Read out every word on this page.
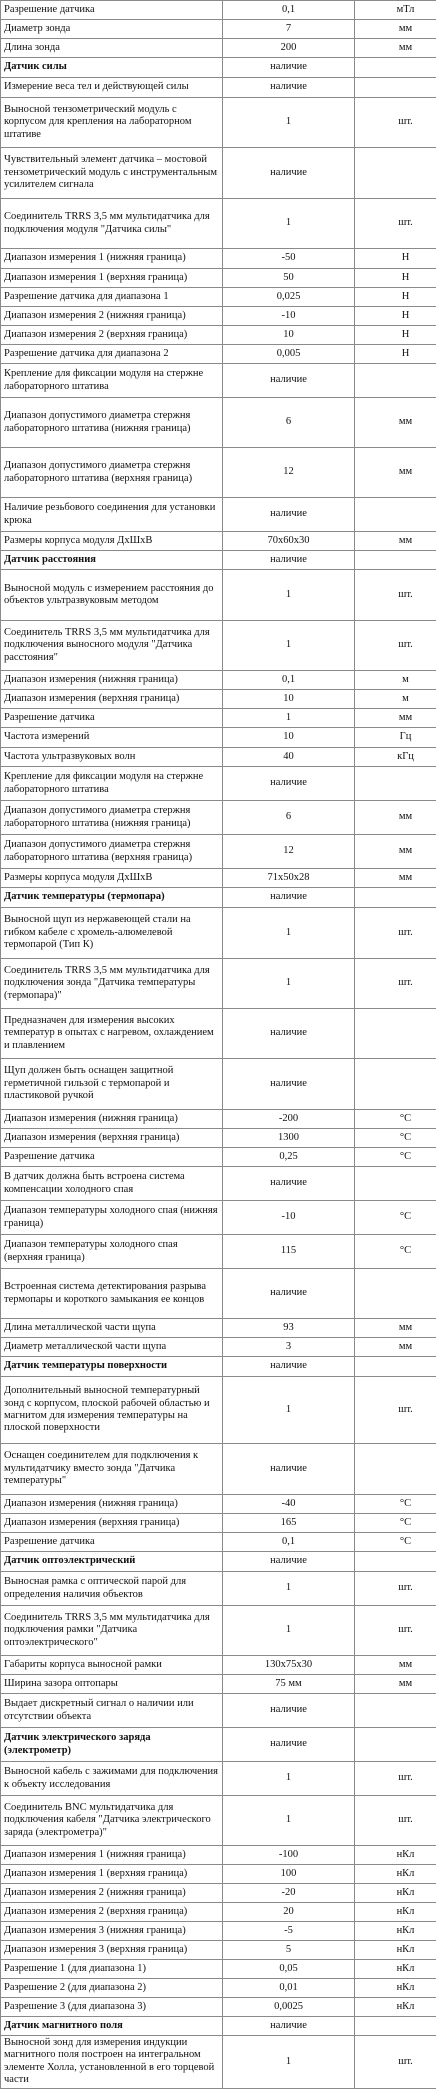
Разрешение датчика	0,1	мТл
Диаметр зонда	7	мм
Длина зонда	200	мм
Датчик силы	наличие	
Измерение веса тел и действующей силы	наличие	
Выносной тензометрический модуль с корпусом для крепления на лабораторном штативе	1	шт.
Чувствительный элемент датчика – мостовой тензометрический модуль с инструментальным усилителем сигнала	наличие	
Соединитель TRRS 3,5 мм мультидатчика для подключения модуля "Датчика силы"	1	шт.
Диапазон измерения 1 (нижняя граница)	-50	Н
Диапазон измерения 1 (верхняя граница)	50	Н
Разрешение датчика для диапазона 1	0,025	Н
Диапазон измерения 2 (нижняя граница)	-10	Н
Диапазон измерения 2 (верхняя граница)	10	Н
Разрешение датчика для диапазона 2	0,005	Н
Крепление для фиксации модуля на стержне лабораторного штатива	наличие	
Диапазон допустимого диаметра стержня лабораторного штатива (нижняя граница)	6	мм
Диапазон допустимого диаметра стержня лабораторного штатива (верхняя граница)	12	мм
Наличие резьбового соединения для установки крюка	наличие	
Размеры корпуса модуля ДхШхВ	70x60x30	мм
Датчик расстояния	наличие	
Выносной модуль с измерением расстояния до объектов ультразвуковым методом	1	шт.
Соединитель TRRS 3,5 мм мультидатчика для подключения выносного модуля "Датчика расстояния"	1	шт.
Диапазон измерения (нижняя граница)	0,1	м
Диапазон измерения (верхняя граница)	10	м
Разрешение датчика	1	мм
Частота измерений	10	Гц
Частота ультразвуковых волн	40	кГц
Крепление для фиксации модуля на стержне лабораторного штатива	наличие	
Диапазон допустимого диаметра стержня лабораторного штатива (нижняя граница)	6	мм
Диапазон допустимого диаметра стержня лабораторного штатива (верхняя граница)	12	мм
Размеры корпуса модуля ДхШхВ	71x50x28	мм
Датчик температуры (термопара)	наличие	
Выносной щуп из нержавеющей стали на гибком кабеле с хромель-алюмелевой термопарой (Тип К)	1	шт.
Соединитель TRRS 3,5 мм мультидатчика для подключения зонда "Датчика температуры (термопара)"	1	шт.
Предназначен для измерения высоких температур в опытах с нагревом, охлаждением и плавлением	наличие	
Щуп должен быть оснащен защитной герметичной гильзой с термопарой и пластиковой ручкой	наличие	
Диапазон измерения (нижняя граница)	-200	°С
Диапазон измерения (верхняя граница)	1300	°С
Разрешение датчика	0,25	°С
В датчик должна быть встроена система компенсации холодного спая	наличие	
Диапазон температуры холодного спая (нижняя граница)	-10	°С
Диапазон температуры холодного спая (верхняя граница)	115	°С
Встроенная система детектирования разрыва термопары и короткого замыкания ее концов	наличие	
Длина металлической части щупа	93	мм
Диаметр металлической части щупа	3	мм
Датчик температуры поверхности	наличие	
Дополнительный выносной температурный зонд с корпусом, плоской рабочей областью и магнитом для измерения температуры на плоской поверхности	1	шт.
Оснащен соединителем для подключения к мультидатчику вместо зонда "Датчика температуры"	наличие	
Диапазон измерения (нижняя граница)	-40	°С
Диапазон измерения (верхняя граница)	165	°С
Разрешение датчика	0,1	°С
Датчик оптоэлектрический	наличие	
Выносная рамка с оптической парой для определения наличия объектов	1	шт.
Соединитель TRRS 3,5 мм мультидатчика для подключения рамки "Датчика оптоэлектрического"	1	шт.
Габариты корпуса выносной рамки	130x75x30	мм
Ширина зазора оптопары	75 мм	мм
Выдает дискретный сигнал о наличии или отсутствии объекта	наличие	
Датчик электрического заряда (электрометр)	наличие	
Выносной кабель с зажимами для подключения к объекту исследования	1	шт.
Соединитель BNC мультидатчика для подключения кабеля "Датчика электрического заряда (электрометра)"	1	шт.
Диапазон измерения 1 (нижняя граница)	-100	нКл
Диапазон измерения 1 (верхняя граница)	100	нКл
Диапазон измерения 2 (нижняя граница)	-20	нКл
Диапазон измерения 2 (верхняя граница)	20	нКл
Диапазон измерения 3 (нижняя граница)	-5	нКл
Диапазон измерения 3 (верхняя граница)	5	нКл
Разрешение 1 (для диапазона 1)	0,05	нКл
Разрешение 2 (для диапазона 2)	0,01	нКл
Разрешение 3 (для диапазона 3)	0,0025	нКл
Датчик магнитного поля	наличие	
Выносной зонд для измерения индукции магнитного поля построен на интегральном элементе Холла, установленной в его торцевой части	1	шт.
